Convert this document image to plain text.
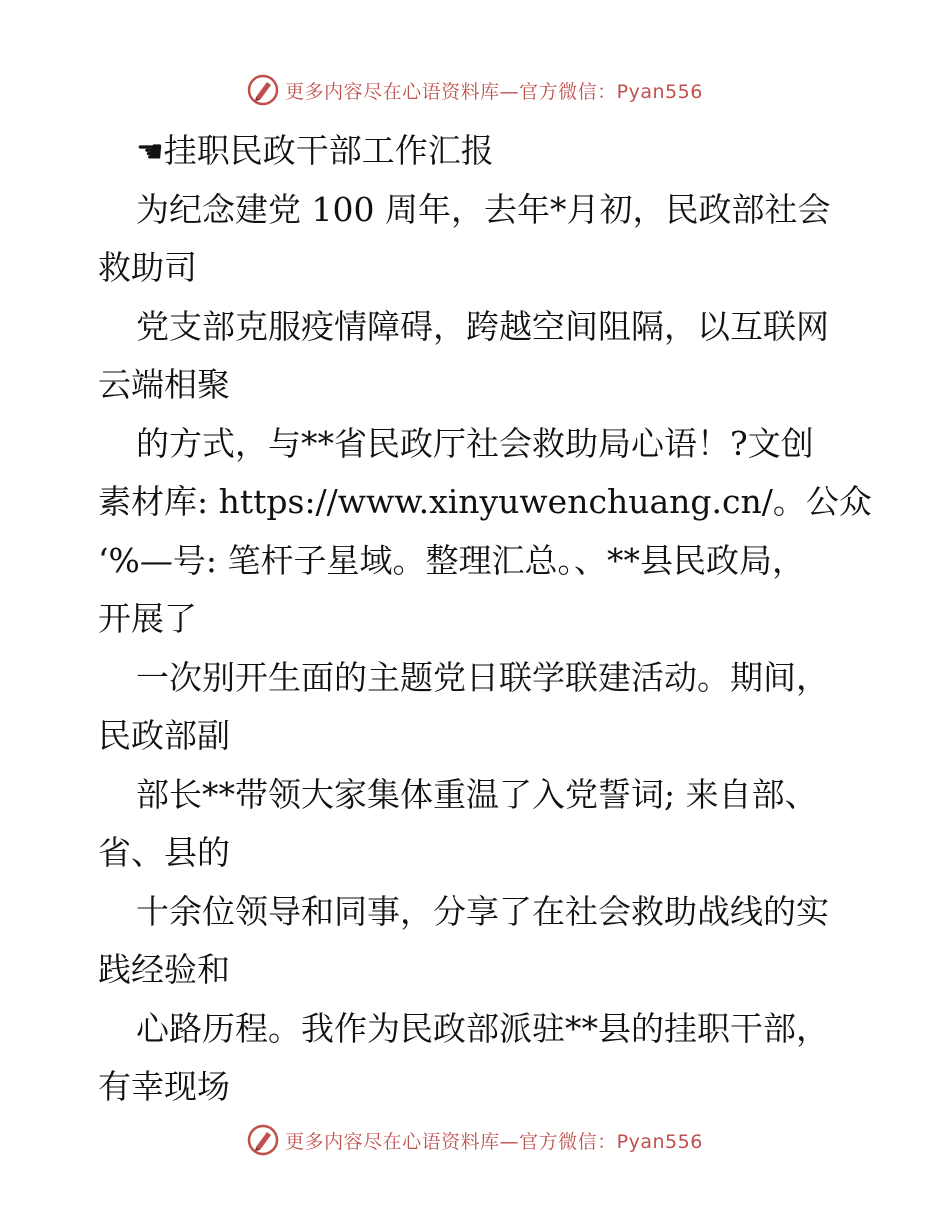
更多内容尽在心语资料库—官方微信：Pyan556
☚挂职民政干部工作汇报
为纪念建党 100 周年，去年*月初，民政部社会
救助司
党支部克服疫情障碍，跨越空间阻隔，以互联网
云端相聚
的方式，与**省民政厅社会救助局心语！?文创
素材库: https://www.xinyuwenchuang.cn/。公众
‘%—号: 笔杆子星域。整理汇总。、**县民政局，
开展了
一次别开生面的主题党日联学联建活动。期间，
民政部副
部长**带领大家集体重温了入党誓词; 来自部、
省、县的
十余位领导和同事，分享了在社会救助战线的实
践经验和
心路历程。我作为民政部派驻**县的挂职干部，
有幸现场
更多内容尽在心语资料库—官方微信：Pyan556
